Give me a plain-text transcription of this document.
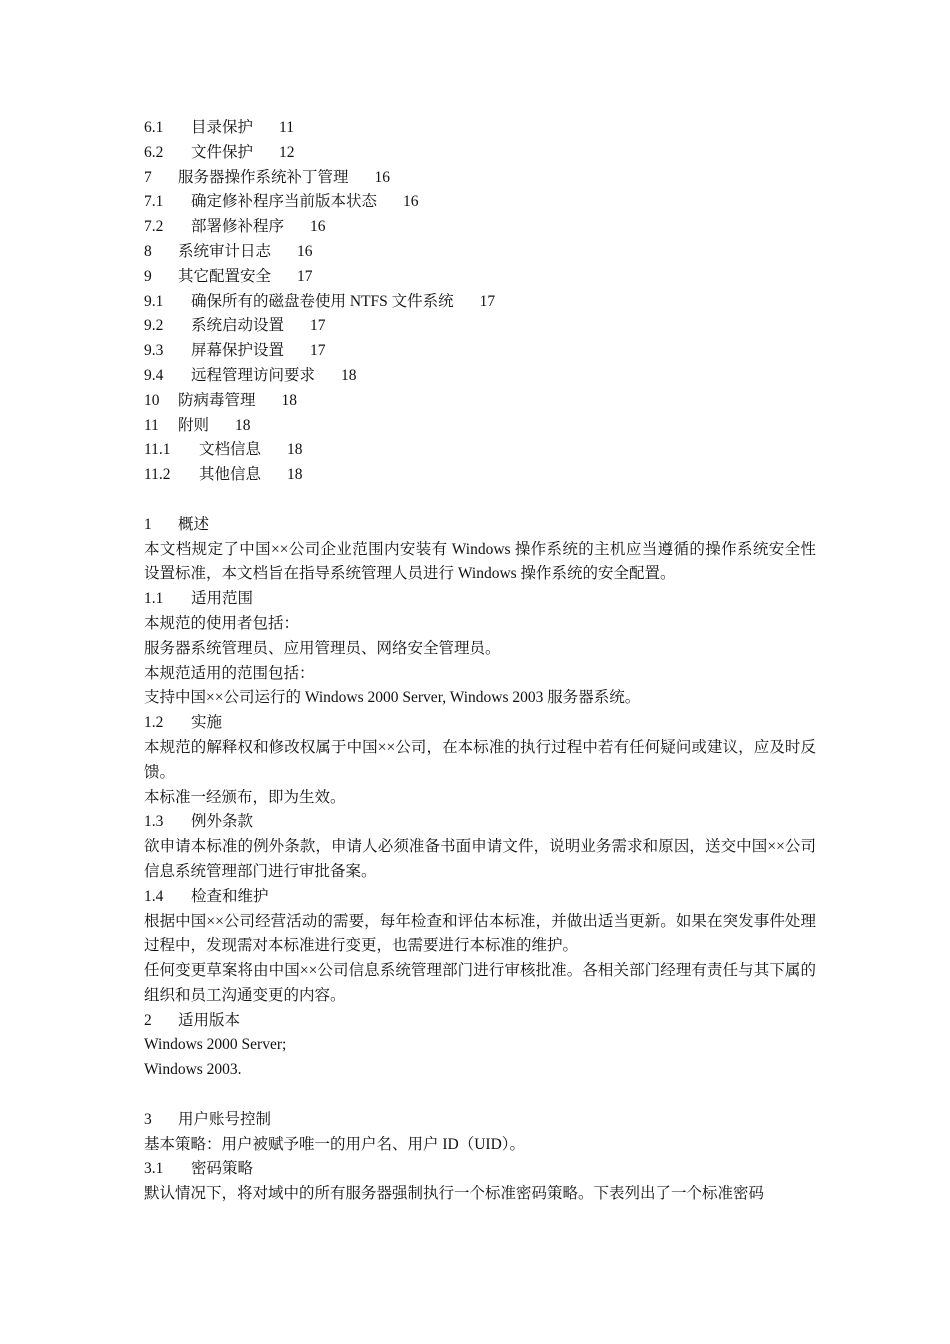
6.1 目录保护 11
6.2 文件保护 12
7 服务器操作系统补丁管理 16
7.1 确定修补程序当前版本状态 16
7.2 部署修补程序 16
8 系统审计日志 16
9 其它配置安全 17
9.1 确保所有的磁盘卷使用 NTFS 文件系统 17
9.2 系统启动设置 17
9.3 屏幕保护设置 17
9.4 远程管理访问要求 18
10 防病毒管理 18
11 附则 18
11.1 文档信息 18
11.2 其他信息 18
1 概述
本文档规定了中国××公司企业范围内安装有 Windows 操作系统的主机应当遵循的操作系统安全性设置标准，本文档旨在指导系统管理人员进行 Windows 操作系统的安全配置。
1.1 适用范围
本规范的使用者包括：
服务器系统管理员、应用管理员、网络安全管理员。
本规范适用的范围包括：
支持中国××公司运行的 Windows 2000 Server, Windows 2003 服务器系统。
1.2 实施
本规范的解释权和修改权属于中国××公司，在本标准的执行过程中若有任何疑问或建议，应及时反馈。
本标准一经颁布，即为生效。
1.3 例外条款
欲申请本标准的例外条款，申请人必须准备书面申请文件，说明业务需求和原因，送交中国××公司信息系统管理部门进行审批备案。
1.4 检查和维护
根据中国××公司经营活动的需要，每年检查和评估本标准，并做出适当更新。如果在突发事件处理过程中，发现需对本标准进行变更，也需要进行本标准的维护。
任何变更草案将由中国××公司信息系统管理部门进行审核批准。各相关部门经理有责任与其下属的组织和员工沟通变更的内容。
2 适用版本
Windows 2000 Server;
Windows 2003.
3 用户账号控制
基本策略：用户被赋予唯一的用户名、用户 ID（UID）。
3.1 密码策略
默认情况下，将对域中的所有服务器强制执行一个标准密码策略。下表列出了一个标准密码
